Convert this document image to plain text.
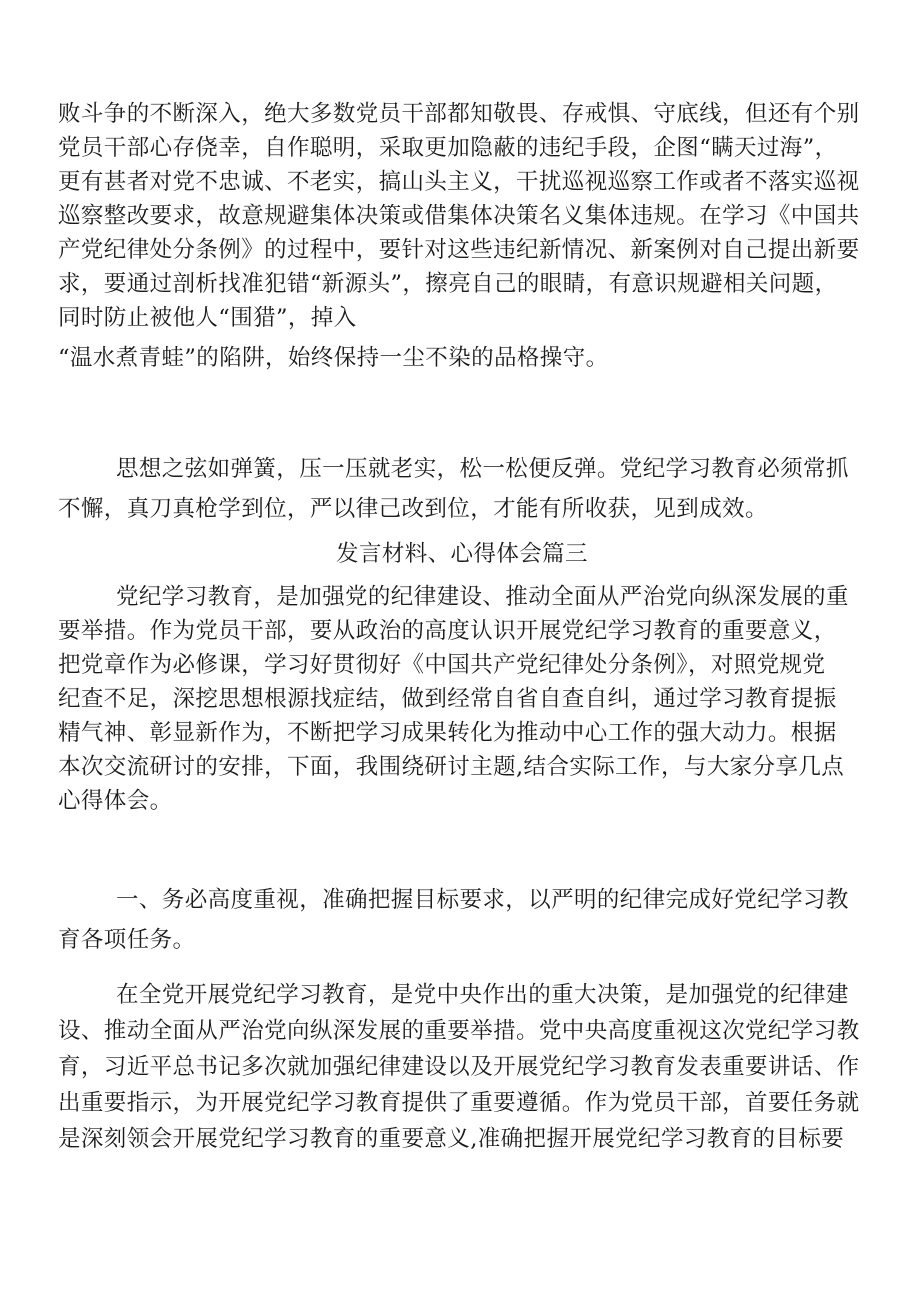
败斗争的不断深入，绝大多数党员干部都知敬畏、存戒惧、守底线，但还有个别
党员干部心存侥幸，自作聪明，采取更加隐蔽的违纪手段，企图“瞒天过海”，
更有甚者对党不忠诚、不老实，搞山头主义，干扰巡视巡察工作或者不落实巡视
巡察整改要求，故意规避集体决策或借集体决策名义集体违规。在学习《中国共
产党纪律处分条例》的过程中，要针对这些违纪新情况、新案例对自己提出新要
求，要通过剖析找准犯错“新源头”，擦亮自己的眼睛，有意识规避相关问题，
同时防止被他人“围猎”，掉入
“温水煮青蛙”的陷阱，始终保持一尘不染的品格操守。
思想之弦如弹簧，压一压就老实，松一松便反弹。党纪学习教育必须常抓
不懈，真刀真枪学到位，严以律己改到位，才能有所收获，见到成效。
发言材料、心得体会篇三
党纪学习教育，是加强党的纪律建设、推动全面从严治党向纵深发展的重
要举措。作为党员干部，要从政治的高度认识开展党纪学习教育的重要意义，
把党章作为必修课，学习好贯彻好《中国共产党纪律处分条例》，对照党规党
纪查不足，深挖思想根源找症结，做到经常自省自查自纠，通过学习教育提振
精气神、彰显新作为，不断把学习成果转化为推动中心工作的强大动力。根据
本次交流研讨的安排，下面，我围绕研讨主题,结合实际工作，与大家分享几点
心得体会。
一、务必高度重视，准确把握目标要求，以严明的纪律完成好党纪学习教
育各项任务。
在全党开展党纪学习教育，是党中央作出的重大决策，是加强党的纪律建
设、推动全面从严治党向纵深发展的重要举措。党中央高度重视这次党纪学习教
育，习近平总书记多次就加强纪律建设以及开展党纪学习教育发表重要讲话、作
出重要指示，为开展党纪学习教育提供了重要遵循。作为党员干部，首要任务就
是深刻领会开展党纪学习教育的重要意义,准确把握开展党纪学习教育的目标要
